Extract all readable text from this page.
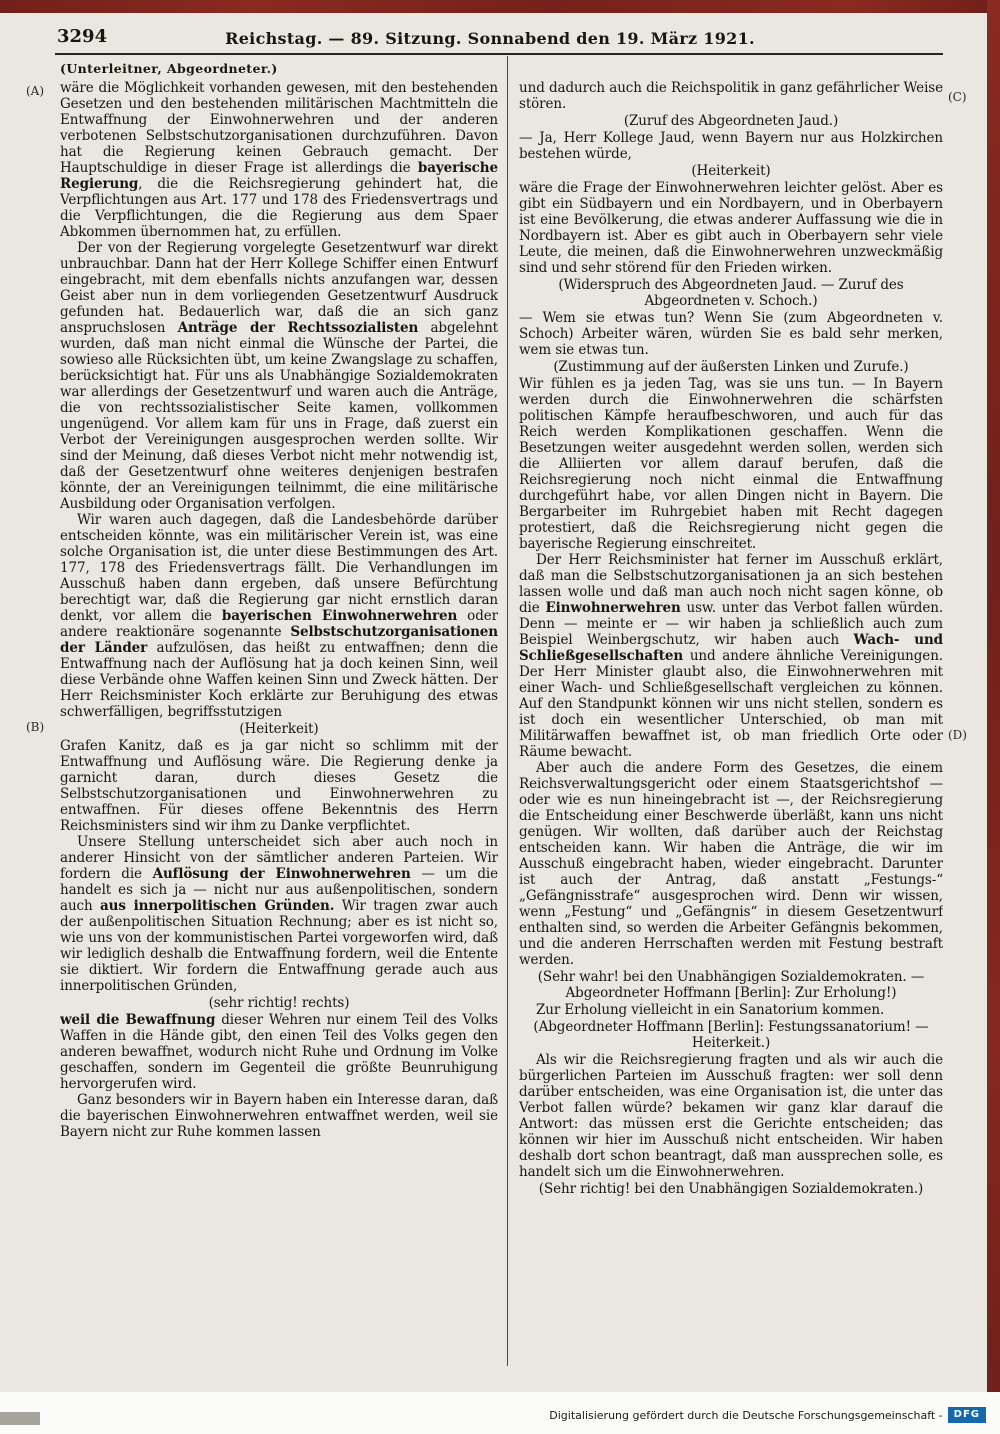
3294	Reichstag. — 89. Sitzung. Sonnabend den 19. März 1921.
(Unterleitner, Abgeordneter.)
(A)
(B)
(C)
(D)

wäre die Möglichkeit vorhanden gewesen, mit den bestehenden Gesetzen und den bestehenden militärischen Machtmitteln die Entwaffnung der Einwohnerwehren und der anderen verbotenen Selbstschutzorganisationen durchzuführen. Davon hat die Regierung keinen Gebrauch gemacht. Der Hauptschuldige in dieser Frage ist allerdings die bayerische Regierung, die die Reichsregierung gehindert hat, die Verpflichtungen aus Art. 177 und 178 des Friedensvertrags und die Verpflichtungen, die die Regierung aus dem Spaer Abkommen übernommen hat, zu erfüllen.

Der von der Regierung vorgelegte Gesetzentwurf war direkt unbrauchbar. Dann hat der Herr Kollege Schiffer einen Entwurf eingebracht, mit dem ebenfalls nichts anzufangen war, dessen Geist aber nun in dem vorliegenden Gesetzentwurf Ausdruck gefunden hat. Bedauerlich war, daß die an sich ganz anspruchslosen Anträge der Rechtssozialisten abgelehnt wurden, daß man nicht einmal die Wünsche der Partei, die sowieso alle Rücksichten übt, um keine Zwangslage zu schaffen, berücksichtigt hat. Für uns als Unabhängige Sozialdemokraten war allerdings der Gesetzentwurf und waren auch die Anträge, die von rechtssozialistischer Seite kamen, vollkommen ungenügend. Vor allem kam für uns in Frage, daß zuerst ein Verbot der Vereinigungen ausgesprochen werden sollte. Wir sind der Meinung, daß dieses Verbot nicht mehr notwendig ist, daß der Gesetzentwurf ohne weiteres denjenigen bestrafen könnte, der an Vereinigungen teilnimmt, die eine militärische Ausbildung oder Organisation verfolgen.

Wir waren auch dagegen, daß die Landesbehörde darüber entscheiden könnte, was ein militärischer Verein ist, was eine solche Organisation ist, die unter diese Bestimmungen des Art. 177, 178 des Friedensvertrags fällt. Die Verhandlungen im Ausschuß haben dann ergeben, daß unsere Befürchtung berechtigt war, daß die Regierung gar nicht ernstlich daran denkt, vor allem die bayerischen Einwohnerwehren oder andere reaktionäre sogenannte Selbstschutzorganisationen der Länder aufzulösen, das heißt zu entwaffnen; denn die Entwaffnung nach der Auflösung hat ja doch keinen Sinn, weil diese Verbände ohne Waffen keinen Sinn und Zweck hätten. Der Herr Reichsminister Koch erklärte zur Beruhigung des etwas schwerfälligen, begriffsstutzigen

(Heiterkeit)

Grafen Kanitz, daß es ja gar nicht so schlimm mit der Entwaffnung und Auflösung wäre. Die Regierung denke ja garnicht daran, durch dieses Gesetz die Selbstschutzorganisationen und Einwohnerwehren zu entwaffnen. Für dieses offene Bekenntnis des Herrn Reichsministers sind wir ihm zu Danke verpflichtet.

Unsere Stellung unterscheidet sich aber auch noch in anderer Hinsicht von der sämtlicher anderen Parteien. Wir fordern die Auflösung der Einwohnerwehren — um die handelt es sich ja — nicht nur aus außenpolitischen, sondern auch aus innerpolitischen Gründen. Wir tragen zwar auch der außenpolitischen Situation Rechnung; aber es ist nicht so, wie uns von der kommunistischen Partei vorgeworfen wird, daß wir lediglich deshalb die Entwaffnung fordern, weil die Entente sie diktiert. Wir fordern die Entwaffnung gerade auch aus innerpolitischen Gründen,

(sehr richtig! rechts)

weil die Bewaffnung dieser Wehren nur einem Teil des Volks Waffen in die Hände gibt, den einen Teil des Volks gegen den anderen bewaffnet, wodurch nicht Ruhe und Ordnung im Volke geschaffen, sondern im Gegenteil die größte Beunruhigung hervorgerufen wird.

Ganz besonders wir in Bayern haben ein Interesse daran, daß die bayerischen Einwohnerwehren entwaffnet werden, weil sie Bayern nicht zur Ruhe kommen lassen

und dadurch auch die Reichspolitik in ganz gefährlicher Weise stören.

(Zuruf des Abgeordneten Jaud.)

— Ja, Herr Kollege Jaud, wenn Bayern nur aus Holzkirchen bestehen würde,

(Heiterkeit)

wäre die Frage der Einwohnerwehren leichter gelöst. Aber es gibt ein Südbayern und ein Nordbayern, und in Oberbayern ist eine Bevölkerung, die etwas anderer Auffassung wie die in Nordbayern ist. Aber es gibt auch in Oberbayern sehr viele Leute, die meinen, daß die Einwohnerwehren unzweckmäßig sind und sehr störend für den Frieden wirken.

(Widerspruch des Abgeordneten Jaud. — Zuruf des Abgeordneten v. Schoch.)

— Wem sie etwas tun? Wenn Sie (zum Abgeordneten v. Schoch) Arbeiter wären, würden Sie es bald sehr merken, wem sie etwas tun.

(Zustimmung auf der äußersten Linken und Zurufe.)

Wir fühlen es ja jeden Tag, was sie uns tun. — In Bayern werden durch die Einwohnerwehren die schärfsten politischen Kämpfe heraufbeschworen, und auch für das Reich werden Komplikationen geschaffen. Wenn die Besetzungen weiter ausgedehnt werden sollen, werden sich die Alliierten vor allem darauf berufen, daß die Reichsregierung noch nicht einmal die Entwaffnung durchgeführt habe, vor allen Dingen nicht in Bayern. Die Bergarbeiter im Ruhrgebiet haben mit Recht dagegen protestiert, daß die Reichsregierung nicht gegen die bayerische Regierung einschreitet.

Der Herr Reichsminister hat ferner im Ausschuß erklärt, daß man die Selbstschutzorganisationen ja an sich bestehen lassen wolle und daß man auch noch nicht sagen könne, ob die Einwohnerwehren usw. unter das Verbot fallen würden. Denn — meinte er — wir haben ja schließlich auch zum Beispiel Weinbergschutz, wir haben auch Wach- und Schließgesellschaften und andere ähnliche Vereinigungen. Der Herr Minister glaubt also, die Einwohnerwehren mit einer Wach- und Schließgesellschaft vergleichen zu können. Auf den Standpunkt können wir uns nicht stellen, sondern es ist doch ein wesentlicher Unterschied, ob man mit Militärwaffen bewaffnet ist, ob man friedlich Orte oder Räume bewacht.

Aber auch die andere Form des Gesetzes, die einem Reichsverwaltungsgericht oder einem Staatsgerichtshof — oder wie es nun hineingebracht ist —, der Reichsregierung die Entscheidung einer Beschwerde überläßt, kann uns nicht genügen. Wir wollten, daß darüber auch der Reichstag entscheiden kann. Wir haben die Anträge, die wir im Ausschuß eingebracht haben, wieder eingebracht. Darunter ist auch der Antrag, daß anstatt „Festungs-“ „Gefängnisstrafe“ ausgesprochen wird. Denn wir wissen, wenn „Festung“ und „Gefängnis“ in diesem Gesetzentwurf enthalten sind, so werden die Arbeiter Gefängnis bekommen, und die anderen Herrschaften werden mit Festung bestraft werden.

(Sehr wahr! bei den Unabhängigen Sozialdemokraten. — Abgeordneter Hoffmann [Berlin]: Zur Erholung!)

Zur Erholung vielleicht in ein Sanatorium kommen.

(Abgeordneter Hoffmann [Berlin]: Festungssanatorium! — Heiterkeit.)

Als wir die Reichsregierung fragten und als wir auch die bürgerlichen Parteien im Ausschuß fragten: wer soll denn darüber entscheiden, was eine Organisation ist, die unter das Verbot fallen würde? bekamen wir ganz klar darauf die Antwort: das müssen erst die Gerichte entscheiden; das können wir hier im Ausschuß nicht entscheiden. Wir haben deshalb dort schon beantragt, daß man aussprechen solle, es handelt sich um die Einwohnerwehren.

(Sehr richtig! bei den Unabhängigen Sozialdemokraten.)

Digitalisierung gefördert durch die Deutsche Forschungsgemeinschaft -	DFG
